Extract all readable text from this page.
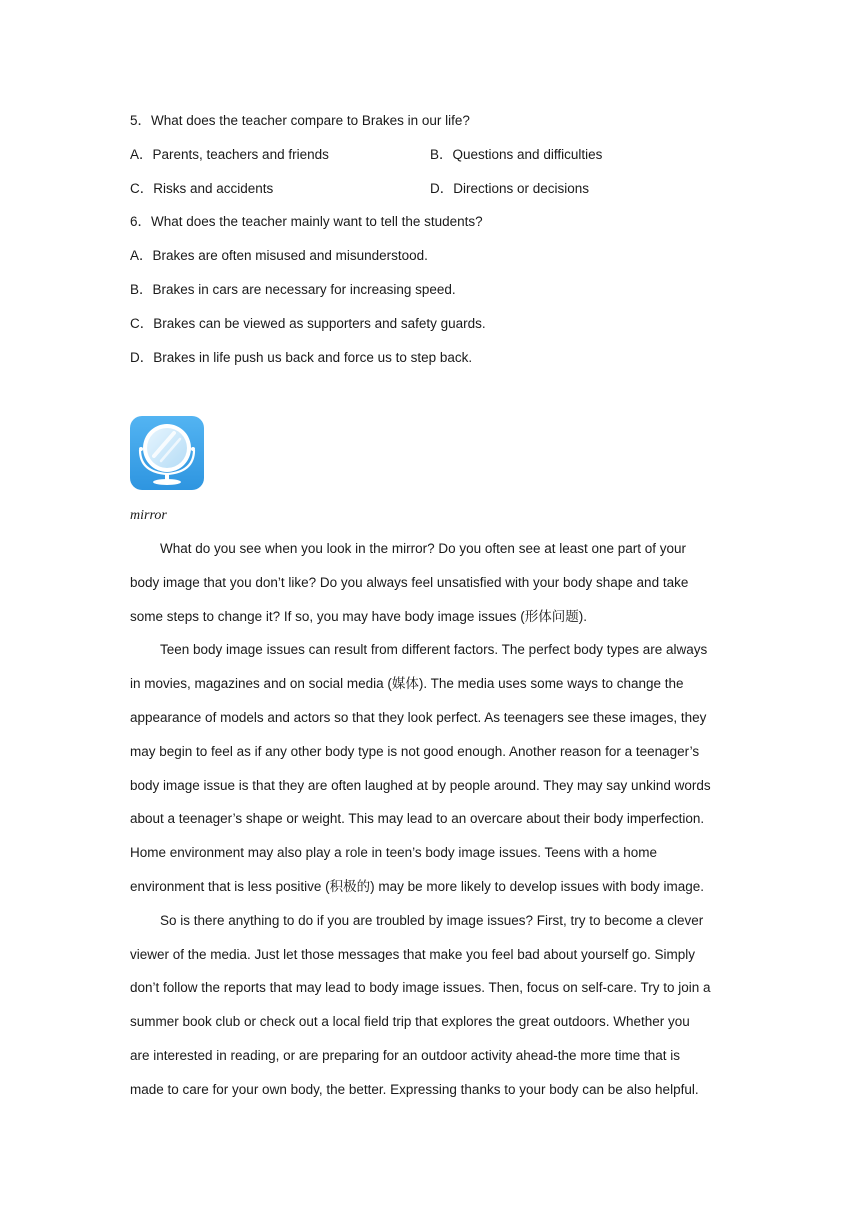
5．What does the teacher compare to Brakes in our life?
A．Parents, teachers and friends	B．Questions and difficulties
C．Risks and accidents	D．Directions or decisions
6．What does the teacher mainly want to tell the students?
A．Brakes are often misused and misunderstood.
B．Brakes in cars are necessary for increasing speed.
C．Brakes can be viewed as supporters and safety guards.
D．Brakes in life push us back and force us to step back.
mirror
What do you see when you look in the mirror? Do you often see at least one part of your
body image that you don’t like? Do you always feel unsatisfied with your body shape and take
some steps to change it? If so, you may have body image issues (形体问题).
Teen body image issues can result from different factors. The perfect body types are always
in movies, magazines and on social media (媒体). The media uses some ways to change the
appearance of models and actors so that they look perfect. As teenagers see these images, they
may begin to feel as if any other body type is not good enough. Another reason for a teenager’s
body image issue is that they are often laughed at by people around. They may say unkind words
about a teenager’s shape or weight. This may lead to an overcare about their body imperfection.
Home environment may also play a role in teen’s body image issues. Teens with a home
environment that is less positive (积极的) may be more likely to develop issues with body image.
So is there anything to do if you are troubled by image issues? First, try to become a clever
viewer of the media. Just let those messages that make you feel bad about yourself go. Simply
don’t follow the reports that may lead to body image issues. Then, focus on self-care. Try to join a
summer book club or check out a local field trip that explores the great outdoors. Whether you
are interested in reading, or are preparing for an outdoor activity ahead-the more time that is
made to care for your own body, the better. Expressing thanks to your body can be also helpful.
